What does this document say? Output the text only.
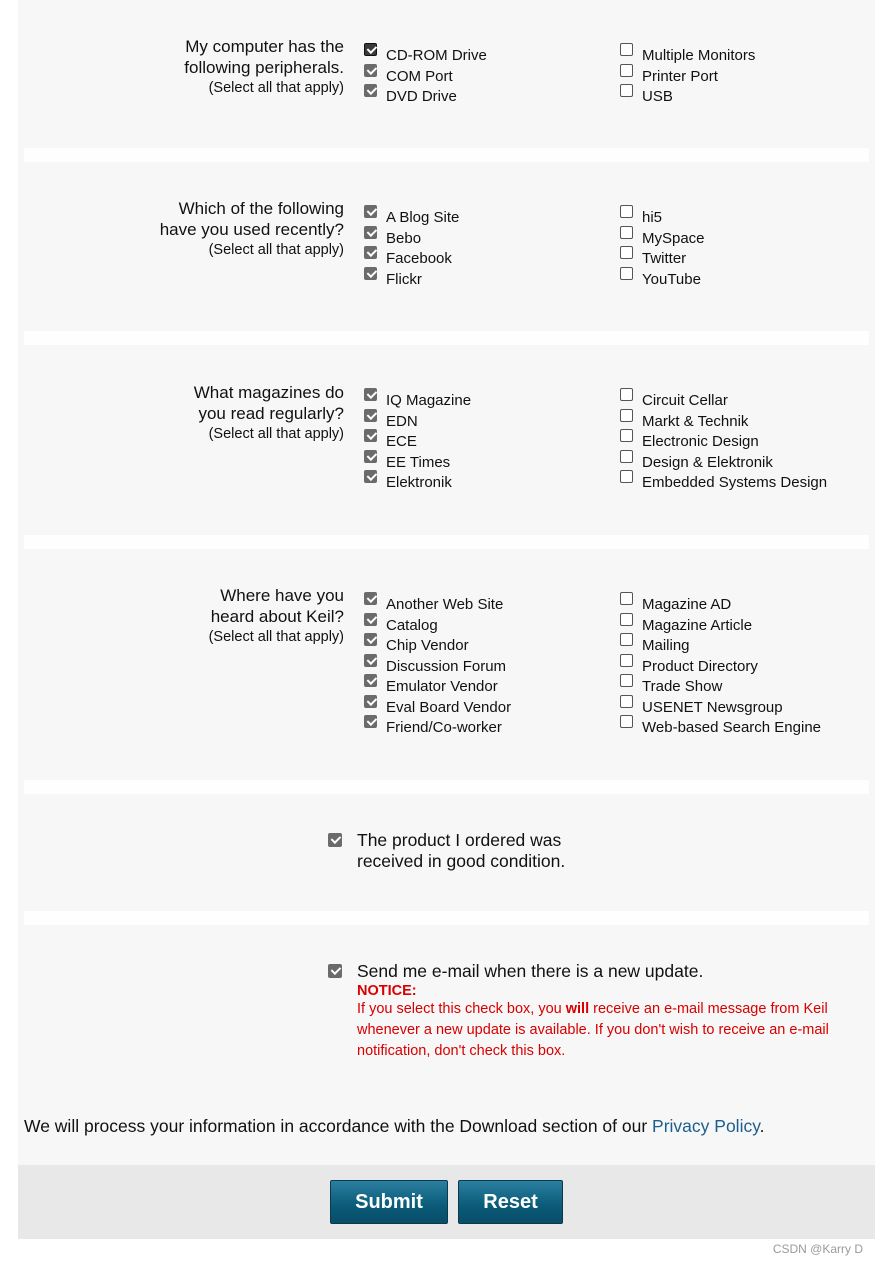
My computer has the
following peripherals.
(Select all that apply)
CD-ROM Drive
COM Port
DVD Drive
Multiple Monitors
Printer Port
USB
Which of the following
have you used recently?
(Select all that apply)
A Blog Site
Bebo
Facebook
Flickr
hi5
MySpace
Twitter
YouTube
What magazines do
you read regularly?
(Select all that apply)
IQ Magazine
EDN
ECE
EE Times
Elektronik
Circuit Cellar
Markt & Technik
Electronic Design
Design & Elektronik
Embedded Systems Design
Where have you
heard about Keil?
(Select all that apply)
Another Web Site
Catalog
Chip Vendor
Discussion Forum
Emulator Vendor
Eval Board Vendor
Friend/Co-worker
Magazine AD
Magazine Article
Mailing
Product Directory
Trade Show
USENET Newsgroup
Web-based Search Engine
The product I ordered was
received in good condition.
Send me e-mail when there is a new update.
NOTICE:
If you select this check box, you will receive an e-mail message from Keil
whenever a new update is available. If you don't wish to receive an e-mail
notification, don't check this box.
We will process your information in accordance with the Download section of our Privacy Policy.
Submit	Reset
CSDN @Karry D
